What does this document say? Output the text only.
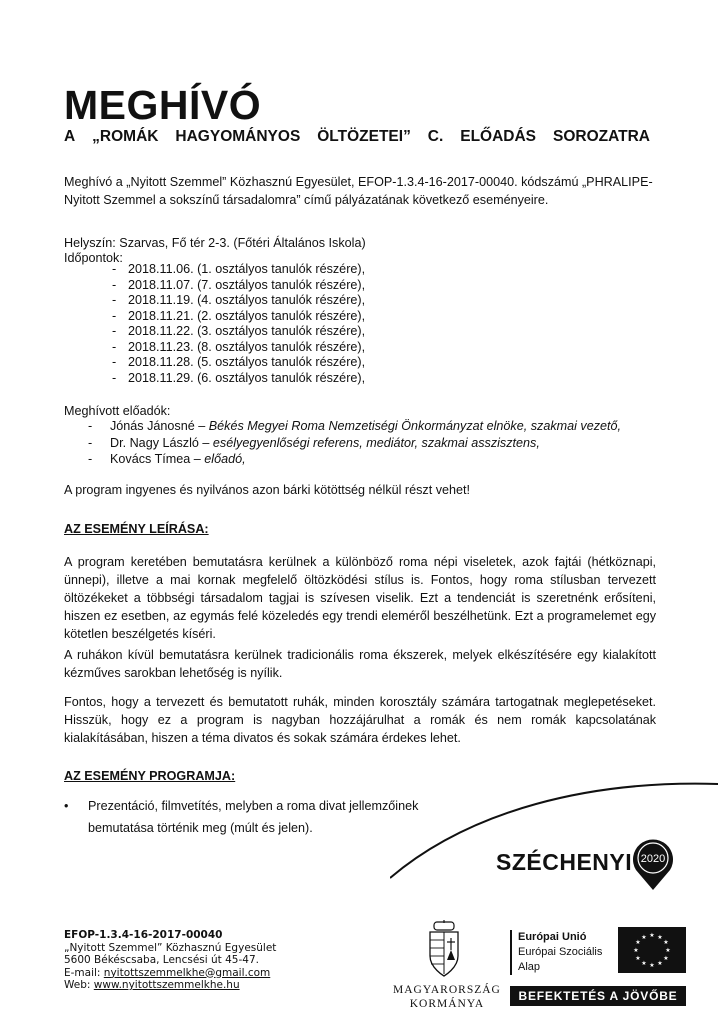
MEGHÍVÓ
A „ROMÁK HAGYOMÁNYOS ÖLTÖZETEI” C. ELŐADÁS SOROZATRA
Meghívó a „Nyitott Szemmel” Közhasznú Egyesület, EFOP-1.3.4-16-2017-00040. kódszámú „PHRALIPE-Nyitott Szemmel a sokszínű társadalomra” című pályázatának következő eseményeire.
Helyszín: Szarvas, Fő tér 2-3. (Főtéri Általános Iskola)
Időpontok:
- 2018.11.06. (1. osztályos tanulók részére),
- 2018.11.07. (7. osztályos tanulók részére),
- 2018.11.19. (4. osztályos tanulók részére),
- 2018.11.21. (2. osztályos tanulók részére),
- 2018.11.22. (3. osztályos tanulók részére),
- 2018.11.23. (8. osztályos tanulók részére),
- 2018.11.28. (5. osztályos tanulók részére),
- 2018.11.29. (6. osztályos tanulók részére),
Meghívott előadók:
- Jónás Jánosné – Békés Megyei Roma Nemzetiségi Önkormányzat elnöke, szakmai vezető,
- Dr. Nagy László – esélyegyenlőségi referens, mediátor, szakmai asszisztens,
- Kovács Tímea – előadó,
A program ingyenes és nyilvános azon bárki kötöttség nélkül részt vehet!
AZ ESEMÉNY LEÍRÁSA:
A program keretében bemutatásra kerülnek a különböző roma népi viseletek, azok fajtái (hétköznapi, ünnepi), illetve a mai kornak megfelelő öltözködési stílus is. Fontos, hogy roma stílusban tervezett öltözékeket a többségi társadalom tagjai is szívesen viselik. Ezt a tendenciát is szeretnénk erősíteni, hiszen ez esetben, az egymás felé közeledés egy trendi eleméről beszélhetünk. Ezt a programelemet egy kötetlen beszélgetés kíséri.
A ruhákon kívül bemutatásra kerülnek tradicionális roma ékszerek, melyek elkészítésére egy kialakított kézműves sarokban lehetőség is nyílik.
Fontos, hogy a tervezett és bemutatott ruhák, minden korosztály számára tartogatnak meglepetéseket. Hisszük, hogy ez a program is nagyban hozzájárulhat a romák és nem romák kapcsolatának kialakításában, hiszen a téma divatos és sokak számára érdekes lehet.
AZ ESEMÉNY PROGRAMJA:
• Prezentáció, filmvetítés, melyben a roma divat jellemzőinek bemutatása történik meg (múlt és jelen).
SZÉCHENYI 2020
EFOP-1.3.4-16-2017-00040
„Nyitott Szemmel” Közhasznú Egyesület
5600 Békéscsaba, Lencsési út 45-47.
E-mail: nyitottszemmelkhe@gmail.com
Web: www.nyitottszemmelkhe.hu	MAGYARORSZÁG
KORMÁNYA
Európai Unió
Európai Szociális
Alap
★ ★
★
★
★
★
★
★
★
★
★
★
BEFEKTETÉS A JÖVŐBE
